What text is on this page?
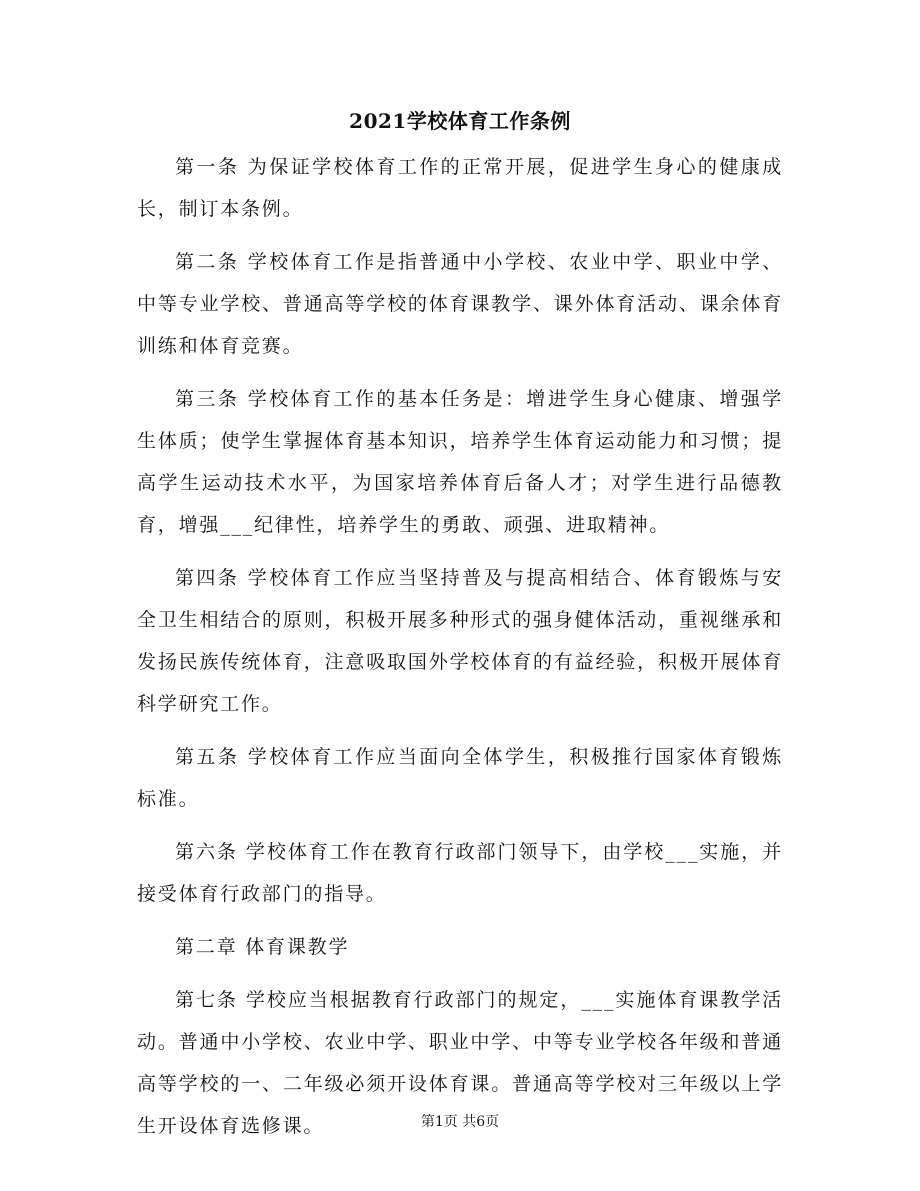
2021学校体育工作条例

第一条 为保证学校体育工作的正常开展，促进学生身心的健康成长，制订本条例。

第二条 学校体育工作是指普通中小学校、农业中学、职业中学、中等专业学校、普通高等学校的体育课教学、课外体育活动、课余体育训练和体育竞赛。

第三条 学校体育工作的基本任务是：增进学生身心健康、增强学生体质；使学生掌握体育基本知识，培养学生体育运动能力和习惯；提高学生运动技术水平，为国家培养体育后备人才；对学生进行品德教育，增强___纪律性，培养学生的勇敢、顽强、进取精神。

第四条 学校体育工作应当坚持普及与提高相结合、体育锻炼与安全卫生相结合的原则，积极开展多种形式的强身健体活动，重视继承和发扬民族传统体育，注意吸取国外学校体育的有益经验，积极开展体育科学研究工作。

第五条 学校体育工作应当面向全体学生，积极推行国家体育锻炼标准。

第六条 学校体育工作在教育行政部门领导下，由学校___实施，并接受体育行政部门的指导。

第二章 体育课教学

第七条 学校应当根据教育行政部门的规定，___实施体育课教学活动。普通中小学校、农业中学、职业中学、中等专业学校各年级和普通高等学校的一、二年级必须开设体育课。普通高等学校对三年级以上学生开设体育选修课。	第1页 共6页
